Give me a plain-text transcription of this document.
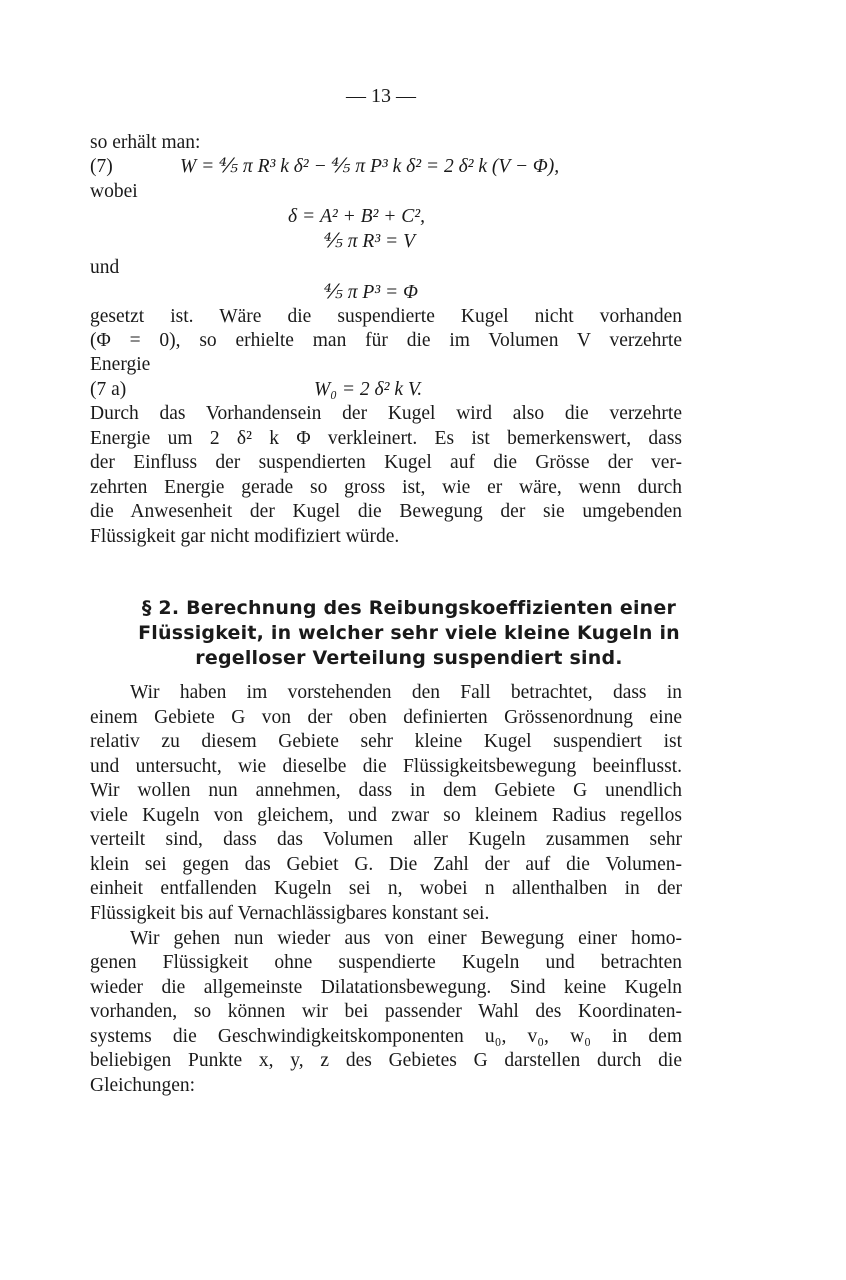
— 13 —
so erhält man:
(7)	W = ⅘ π R³ k δ² − ⅘ π P³ k δ² = 2 δ² k (V − Φ),
wobei
δ = A² + B² + C²,
⅘ π R³ = V
und
⅘ π P³ = Φ
gesetzt ist. Wäre die suspendierte Kugel nicht vorhanden
(Φ = 0), so erhielte man für die im Volumen V verzehrte
Energie
(7 a)	W₀ = 2 δ² k V.
Durch das Vorhandensein der Kugel wird also die verzehrte
Energie um 2 δ² k Φ verkleinert. Es ist bemerkenswert, dass
der Einfluss der suspendierten Kugel auf die Grösse der ver-
zehrten Energie gerade so gross ist, wie er wäre, wenn durch
die Anwesenheit der Kugel die Bewegung der sie umgebenden
Flüssigkeit gar nicht modifiziert würde.
§ 2. Berechnung des Reibungskoeffizienten einer
Flüssigkeit, in welcher sehr viele kleine Kugeln in
regelloser Verteilung suspendiert sind.
Wir haben im vorstehenden den Fall betrachtet, dass in
einem Gebiete G von der oben definierten Grössenordnung eine
relativ zu diesem Gebiete sehr kleine Kugel suspendiert ist
und untersucht, wie dieselbe die Flüssigkeitsbewegung beeinflusst.
Wir wollen nun annehmen, dass in dem Gebiete G unendlich
viele Kugeln von gleichem, und zwar so kleinem Radius regellos
verteilt sind, dass das Volumen aller Kugeln zusammen sehr
klein sei gegen das Gebiet G. Die Zahl der auf die Volumen-
einheit entfallenden Kugeln sei n, wobei n allenthalben in der
Flüssigkeit bis auf Vernachlässigbares konstant sei.
Wir gehen nun wieder aus von einer Bewegung einer homo-
genen Flüssigkeit ohne suspendierte Kugeln und betrachten
wieder die allgemeinste Dilatationsbewegung. Sind keine Kugeln
vorhanden, so können wir bei passender Wahl des Koordinaten-
systems die Geschwindigkeitskomponenten u₀, v₀, w₀ in dem
beliebigen Punkte x, y, z des Gebietes G darstellen durch die
Gleichungen:
